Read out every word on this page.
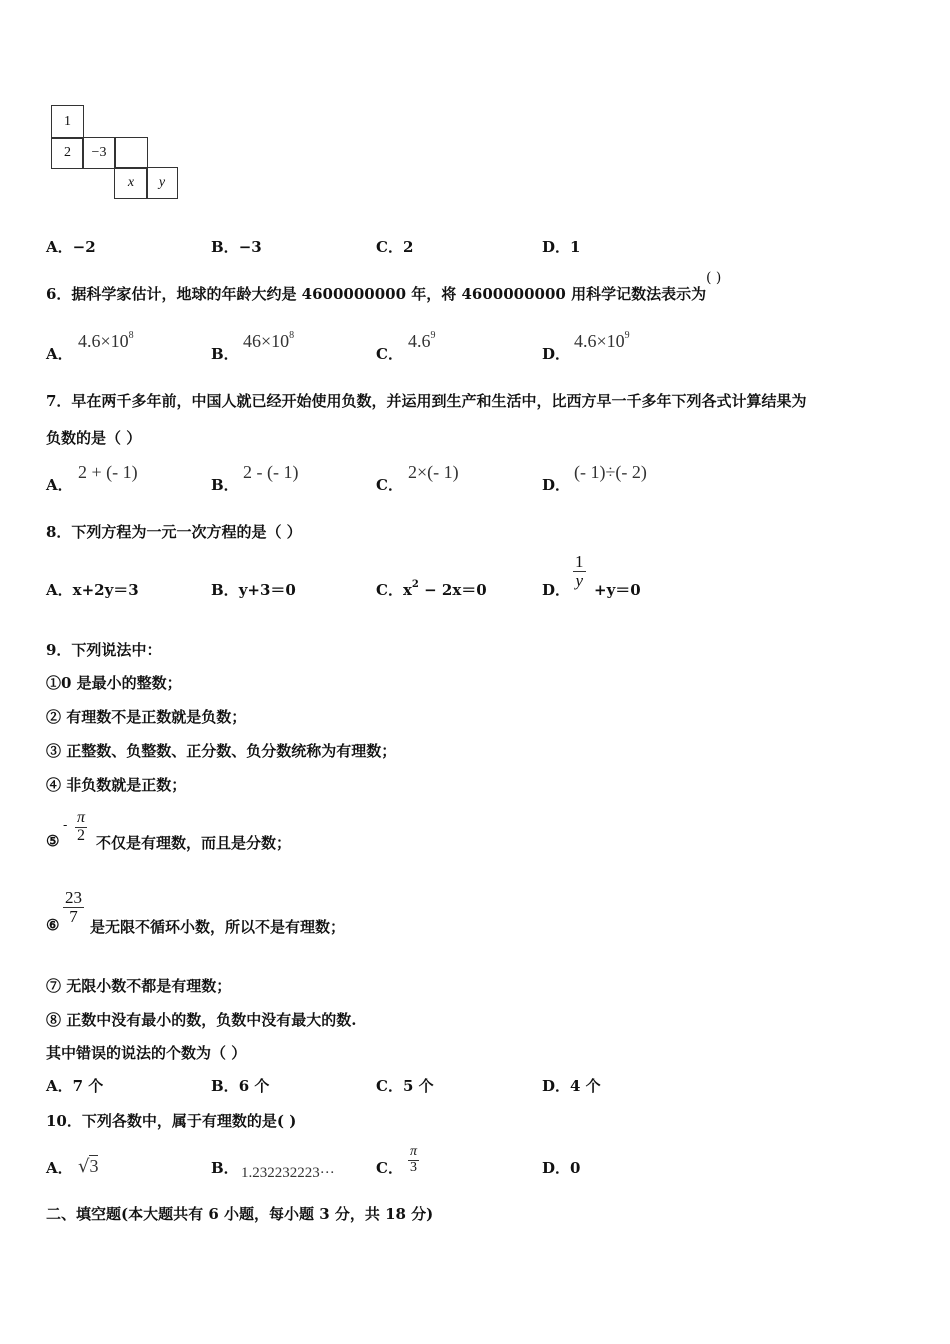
1
2	−3
x	y
A．−2	B．−3	C．2	D．1
6．据科学家估计，地球的年龄大约是 4600000000 年，将 4600000000 用科学记数法表示为
( )
A．
$4.6\times 10^8$
B．
$46\times 10^8$
C．
$4.6^9$
D．
$4.6\times 10^9$
7．早在两千多年前，中国人就已经开始使用负数，并运用到生产和生活中，比西方早一千多年下列各式计算结果为
负数的是（ ）
A．
2 + (- 1)
B．
2 - (- 1)
C．
2×(- 1)
D．
(- 1)÷(- 2)
8．下列方程为一元一次方程的是（ ）
A．x+2y＝3	B．y+3＝0	C．$x^2 - 2x=0$	D．
$\frac{1}{y}$
+y＝0
9．下列说法中：
①0 是最小的整数；
② 有理数不是正数就是负数；
③ 正整数、负整数、正分数、负分数统称为有理数；
④ 非负数就是正数；
⑤
- $\frac{\pi}{2}$ 不仅是有理数，而且是分数；
⑥ $\frac{23}{7}$
是无限不循环小数，所以不是有理数；
⑦ 无限小数不都是有理数；
⑧ 正数中没有最小的数，负数中没有最大的数.
其中错误的说法的个数为（ ）
A．7 个	B．6 个	C．5 个	D．4 个
10．下列各数中，属于有理数的是( )
A． √3	B． 1.232232223···	C． $\frac{\pi}{3}$	D．0
二、填空题(本大题共有 6 小题，每小题 3 分，共 18 分)
